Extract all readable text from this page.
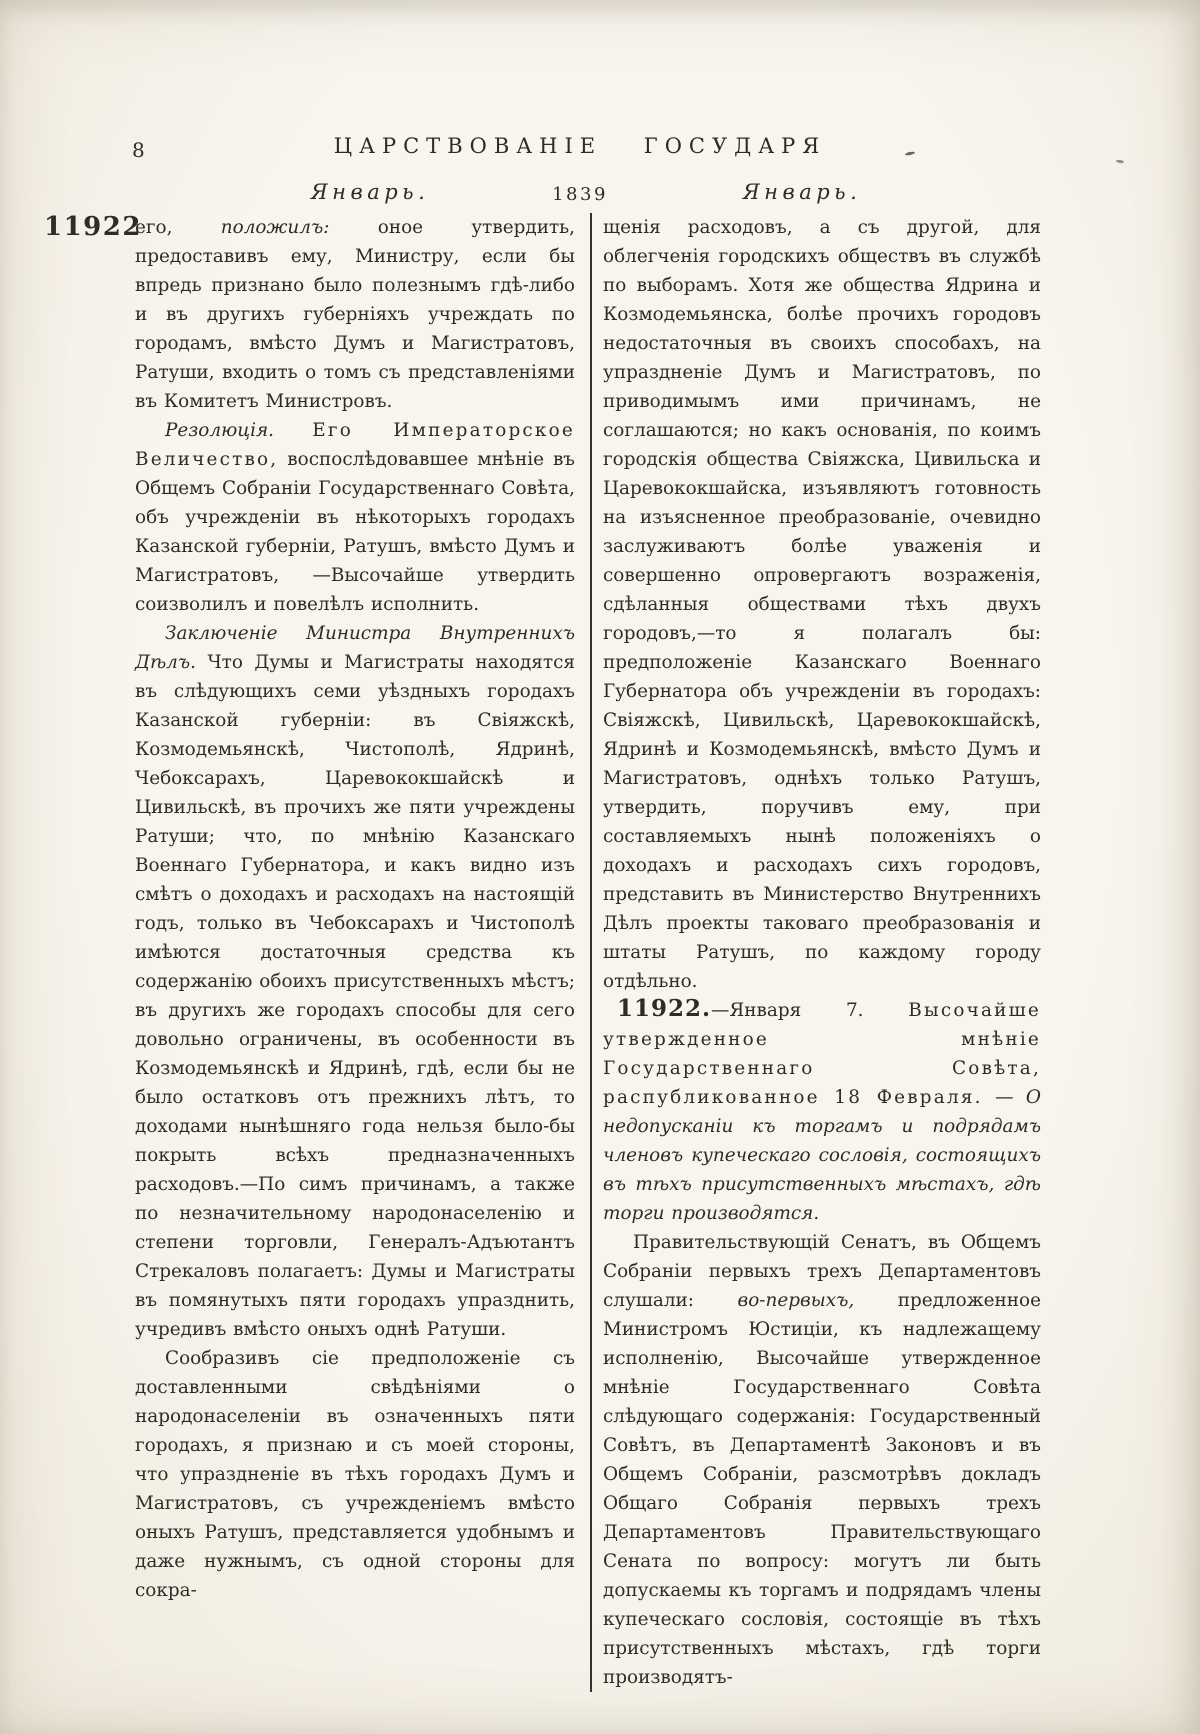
8	ЦАРСТВОВАНІЕ ГОСУДАРЯ
Январь.	1839	Январь.
11922

его, положилъ: оное утвердить, предоставивъ ему, Министру, если бы впредь признано было полезнымъ гдѣ-либо и въ другихъ губерніяхъ учреждать по городамъ, вмѣсто Думъ и Магистратовъ, Ратуши, входить о томъ съ представленіями въ Комитетъ Министровъ.

Резолюція. Его Императорское Величество, воспослѣдовавшее мнѣніе въ Общемъ Собраніи Государственнаго Совѣта, объ учрежденіи въ нѣкоторыхъ городахъ Казанской губерніи, Ратушъ, вмѣсто Думъ и Магистратовъ, —Высочайше утвердить соизволилъ и повелѣлъ исполнить.

Заключеніе Министра Внутреннихъ Дѣлъ. Что Думы и Магистраты находятся въ слѣдующихъ семи уѣздныхъ городахъ Казанской губерніи: въ Свіяжскѣ, Козмодемьянскѣ, Чистополѣ, Ядринѣ, Чебоксарахъ, Царевококшайскѣ и Цивильскѣ, въ прочихъ же пяти учреждены Ратуши; что, по мнѣнію Казанскаго Военнаго Губернатора, и какъ видно изъ смѣтъ о доходахъ и расходахъ на настоящій годъ, только въ Чебоксарахъ и Чистополѣ имѣются достаточныя средства къ содержанію обоихъ присутственныхъ мѣстъ; въ другихъ же городахъ способы для сего довольно ограничены, въ особенности въ Козмодемьянскѣ и Ядринѣ, гдѣ, если бы не было остатковъ отъ прежнихъ лѣтъ, то доходами нынѣшняго года нельзя было-бы покрыть всѣхъ предназначенныхъ расходовъ.—По симъ причинамъ, а также по незначительному народонаселенію и степени торговли, Генералъ-Адъютантъ Стрекаловъ полагаетъ: Думы и Магистраты въ помянутыхъ пяти городахъ упразднить, учредивъ вмѣсто оныхъ однѣ Ратуши.

Сообразивъ сіе предположеніе съ доставленными свѣдѣніями о народонаселеніи въ означенныхъ пяти городахъ, я признаю и съ моей стороны, что упраздненіе въ тѣхъ городахъ Думъ и Магистратовъ, съ учрежденіемъ вмѣсто оныхъ Ратушъ, представляется удобнымъ и даже нужнымъ, съ одной стороны для сокра-

щенія расходовъ, а съ другой, для облегченія городскихъ обществъ въ службѣ по выборамъ. Хотя же общества Ядрина и Козмодемьянска, болѣе прочихъ городовъ недостаточныя въ своихъ способахъ, на упраздненіе Думъ и Магистратовъ, по приводимымъ ими причинамъ, не соглашаются; но какъ основанія, по коимъ городскія общества Свіяжска, Цивильска и Царевококшайска, изъявляютъ готовность на изъясненное преобразованіе, очевидно заслуживаютъ болѣе уваженія и совершенно опровергаютъ возраженія, сдѣланныя обществами тѣхъ двухъ городовъ,—то я полагалъ бы: предположеніе Казанскаго Военнаго Губернатора объ учрежденіи въ городахъ: Свіяжскѣ, Цивильскѣ, Царевококшайскѣ, Ядринѣ и Козмодемьянскѣ, вмѣсто Думъ и Магистратовъ, однѣхъ только Ратушъ, утвердить, поручивъ ему, при составляемыхъ нынѣ положеніяхъ о доходахъ и расходахъ сихъ городовъ, представить въ Министерство Внутреннихъ Дѣлъ проекты таковаго преобразованія и штаты Ратушъ, по каждому городу отдѣльно.

11922.—Января 7. Высочайше утвержденное мнѣніе Государственнаго Совѣта, распубликованное 18 Февраля. — О недопусканіи къ торгамъ и подрядамъ членовъ купеческаго сословія, состоящихъ въ тѣхъ присутственныхъ мѣстахъ, гдѣ торги производятся.

Правительствующій Сенатъ, въ Общемъ Собраніи первыхъ трехъ Департаментовъ слушали: во-первыхъ, предложенное Министромъ Юстиціи, къ надлежащему исполненію, Высочайше утвержденное мнѣніе Государственнаго Совѣта слѣдующаго содержанія: Государственный Совѣтъ, въ Департаментѣ Законовъ и въ Общемъ Собраніи, разсмотрѣвъ докладъ Общаго Собранія первыхъ трехъ Департаментовъ Правительствующаго Сената по вопросу: могутъ ли быть допускаемы къ торгамъ и подрядамъ члены купеческаго сословія, состоящіе въ тѣхъ присутственныхъ мѣстахъ, гдѣ торги производятъ-
